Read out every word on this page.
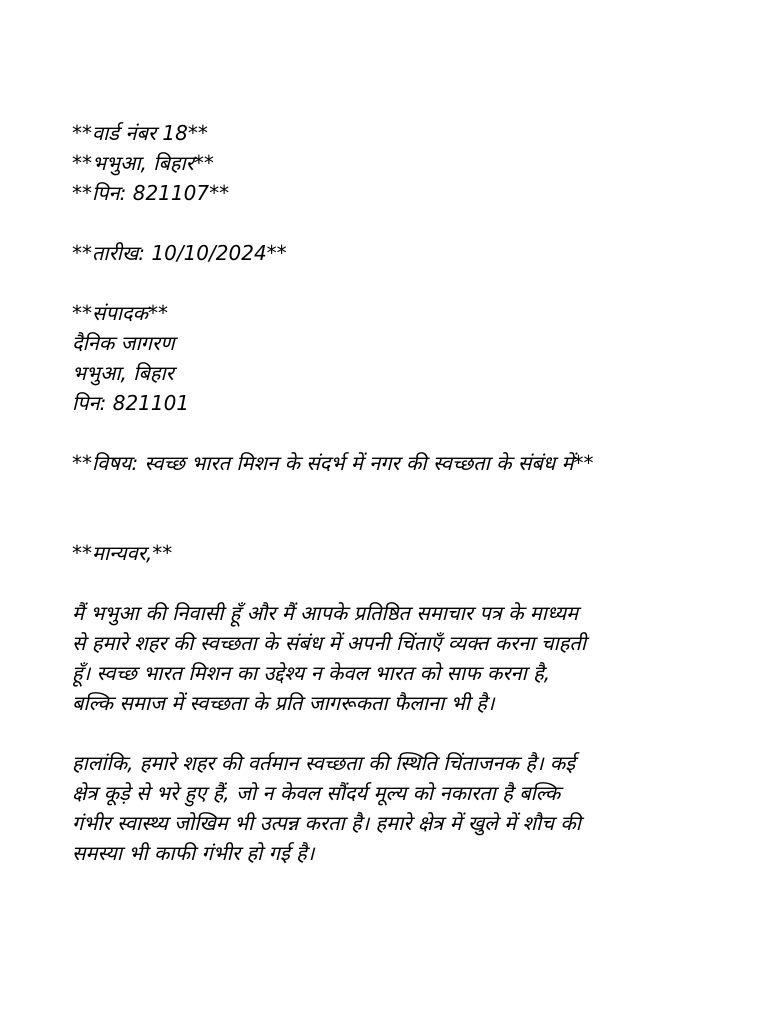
**वार्ड नंबर 18**
**भभुआ, बिहार**
**पिन: 821107**
**तारीख: 10/10/2024**
**संपादक**
दैनिक जागरण
भभुआ, बिहार
पिन: 821101
**विषय: स्वच्छ भारत मिशन के संदर्भ में नगर की स्वच्छता के संबंध में**
**मान्यवर,**
मैं भभुआ की निवासी हूँ और मैं आपके प्रतिष्ठित समाचार पत्र के माध्यम
से हमारे शहर की स्वच्छता के संबंध में अपनी चिंताएँ व्यक्त करना चाहती
हूँ। स्वच्छ भारत मिशन का उद्देश्य न केवल भारत को साफ करना है,
बल्कि समाज में स्वच्छता के प्रति जागरूकता फैलाना भी है।
हालांकि, हमारे शहर की वर्तमान स्वच्छता की स्थिति चिंताजनक है। कई
क्षेत्र कूड़े से भरे हुए हैं, जो न केवल सौंदर्य मूल्य को नकारता है बल्कि
गंभीर स्वास्थ्य जोखिम भी उत्पन्न करता है। हमारे क्षेत्र में खुले में शौच की
समस्या भी काफी गंभीर हो गई है।
